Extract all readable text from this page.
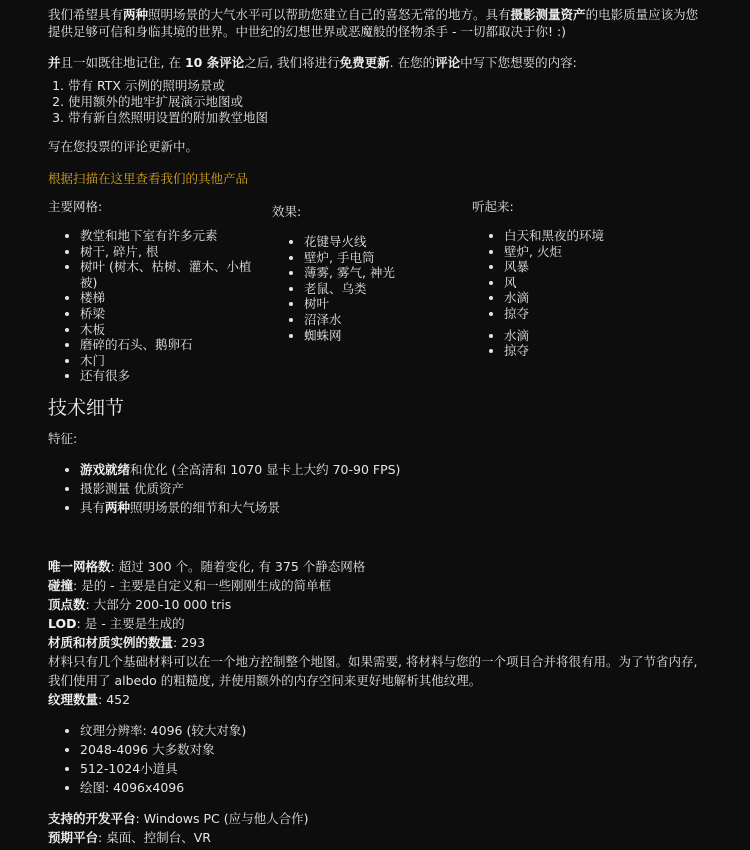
我们希望具有两种照明场景的大气水平可以帮助您建立自己的喜怒无常的地方。具有摄影测量资产的电影质量应该为您提供足够可信和身临其境的世界。中世纪的幻想世界或恶魔般的怪物杀手 - 一切都取决于你! :)

并且一如既往地记住, 在 10 条评论之后, 我们将进行免费更新. 在您的评论中写下您想要的内容:

1. 带有 RTX 示例的照明场景或
2. 使用额外的地牢扩展演示地图或
3. 带有新自然照明设置的附加教堂地图

写在您投票的评论更新中。

根据扫描在这里查看我们的其他产品

主要网格:

• 教堂和地下室有许多元素
• 树干, 碎片, 根
• 树叶 (树木、枯树、灌木、小植被)
• 楼梯
• 桥梁
• 木板
• 磨碎的石头、鹅卵石
• 木门
• 还有很多

效果:

• 花键导火线
• 壁炉, 手电筒
• 薄雾, 雾气, 神光
• 老鼠、乌类
• 树叶
• 沼泽水
• 蜘蛛网

听起来:

• 白天和黑夜的环境
• 壁炉, 火炬
• 风暴
• 风
• 水滴
• 掠夺
• 水滴
• 掠夺
技术细节

特征:

• 游戏就绪和优化 (全高清和 1070 显卡上大约 70-90 FPS)
• 摄影测量 优质资产
• 具有两种照明场景的细节和大气场景

唯一网格数: 超过 300 个。随着变化, 有 375 个静态网格

碰撞: 是的 - 主要是自定义和一些刚刚生成的简单框

顶点数: 大部分 200-10 000 tris

LOD: 是 - 主要是生成的

材质和材质实例的数量: 293

材料只有几个基础材料可以在一个地方控制整个地图。如果需要, 将材料与您的一个项目合并将很有用。为了节省内存, 我们使用了 albedo 的粗糙度, 并使用额外的内存空间来更好地解析其他纹理。

纹理数量: 452

• 纹理分辨率: 4096 (较大对象)
• 2048-4096 大多数对象
• 512-1024小道具
• 绘图: 4096x4096

支持的开发平台: Windows PC (应与他人合作)

预期平台: 桌面、控制台、VR
